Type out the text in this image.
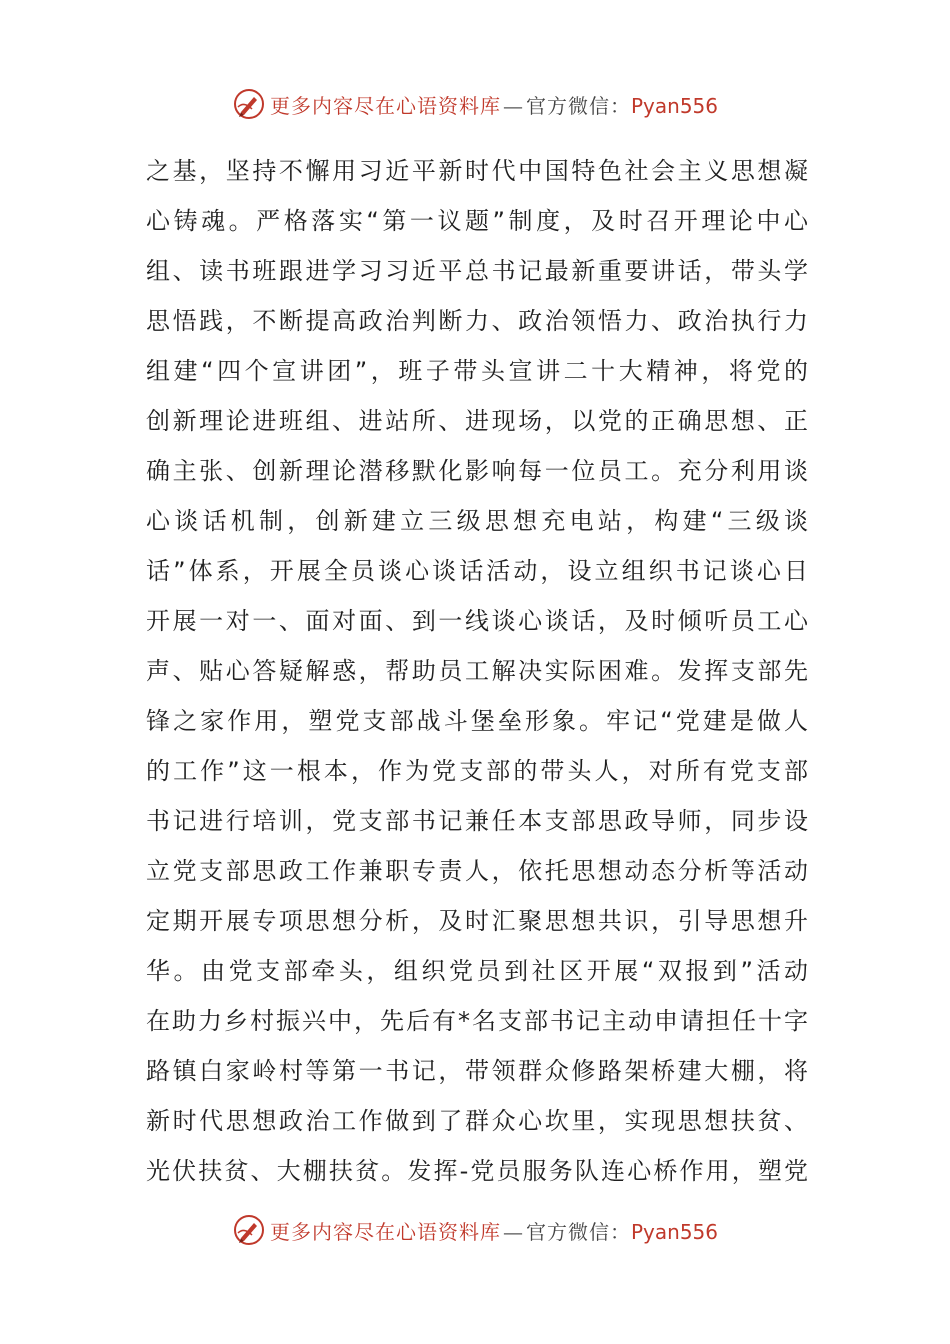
更多内容尽在心语资料库 — 官方微信：Pyan556
之基，坚持不懈用习近平新时代中国特色社会主义思想凝
心铸魂。严格落实“第一议题”制度，及时召开理论中心
组、读书班跟进学习习近平总书记最新重要讲话，带头学
思悟践，不断提高政治判断力、政治领悟力、政治执行力
组建“四个宣讲团”，班子带头宣讲二十大精神，将党的
创新理论进班组、进站所、进现场，以党的正确思想、正
确主张、创新理论潜移默化影响每一位员工。充分利用谈
心谈话机制，创新建立三级思想充电站，构建“三级谈
话”体系，开展全员谈心谈话活动，设立组织书记谈心日
开展一对一、面对面、到一线谈心谈话，及时倾听员工心
声、贴心答疑解惑，帮助员工解决实际困难。发挥支部先
锋之家作用，塑党支部战斗堡垒形象。牢记“党建是做人
的工作”这一根本，作为党支部的带头人，对所有党支部
书记进行培训，党支部书记兼任本支部思政导师，同步设
立党支部思政工作兼职专责人，依托思想动态分析等活动
定期开展专项思想分析，及时汇聚思想共识，引导思想升
华。由党支部牵头，组织党员到社区开展“双报到”活动
在助力乡村振兴中，先后有*名支部书记主动申请担任十字
路镇白家岭村等第一书记，带领群众修路架桥建大棚，将
新时代思想政治工作做到了群众心坎里，实现思想扶贫、
光伏扶贫、大棚扶贫。发挥-党员服务队连心桥作用，塑党
更多内容尽在心语资料库 — 官方微信：Pyan556
